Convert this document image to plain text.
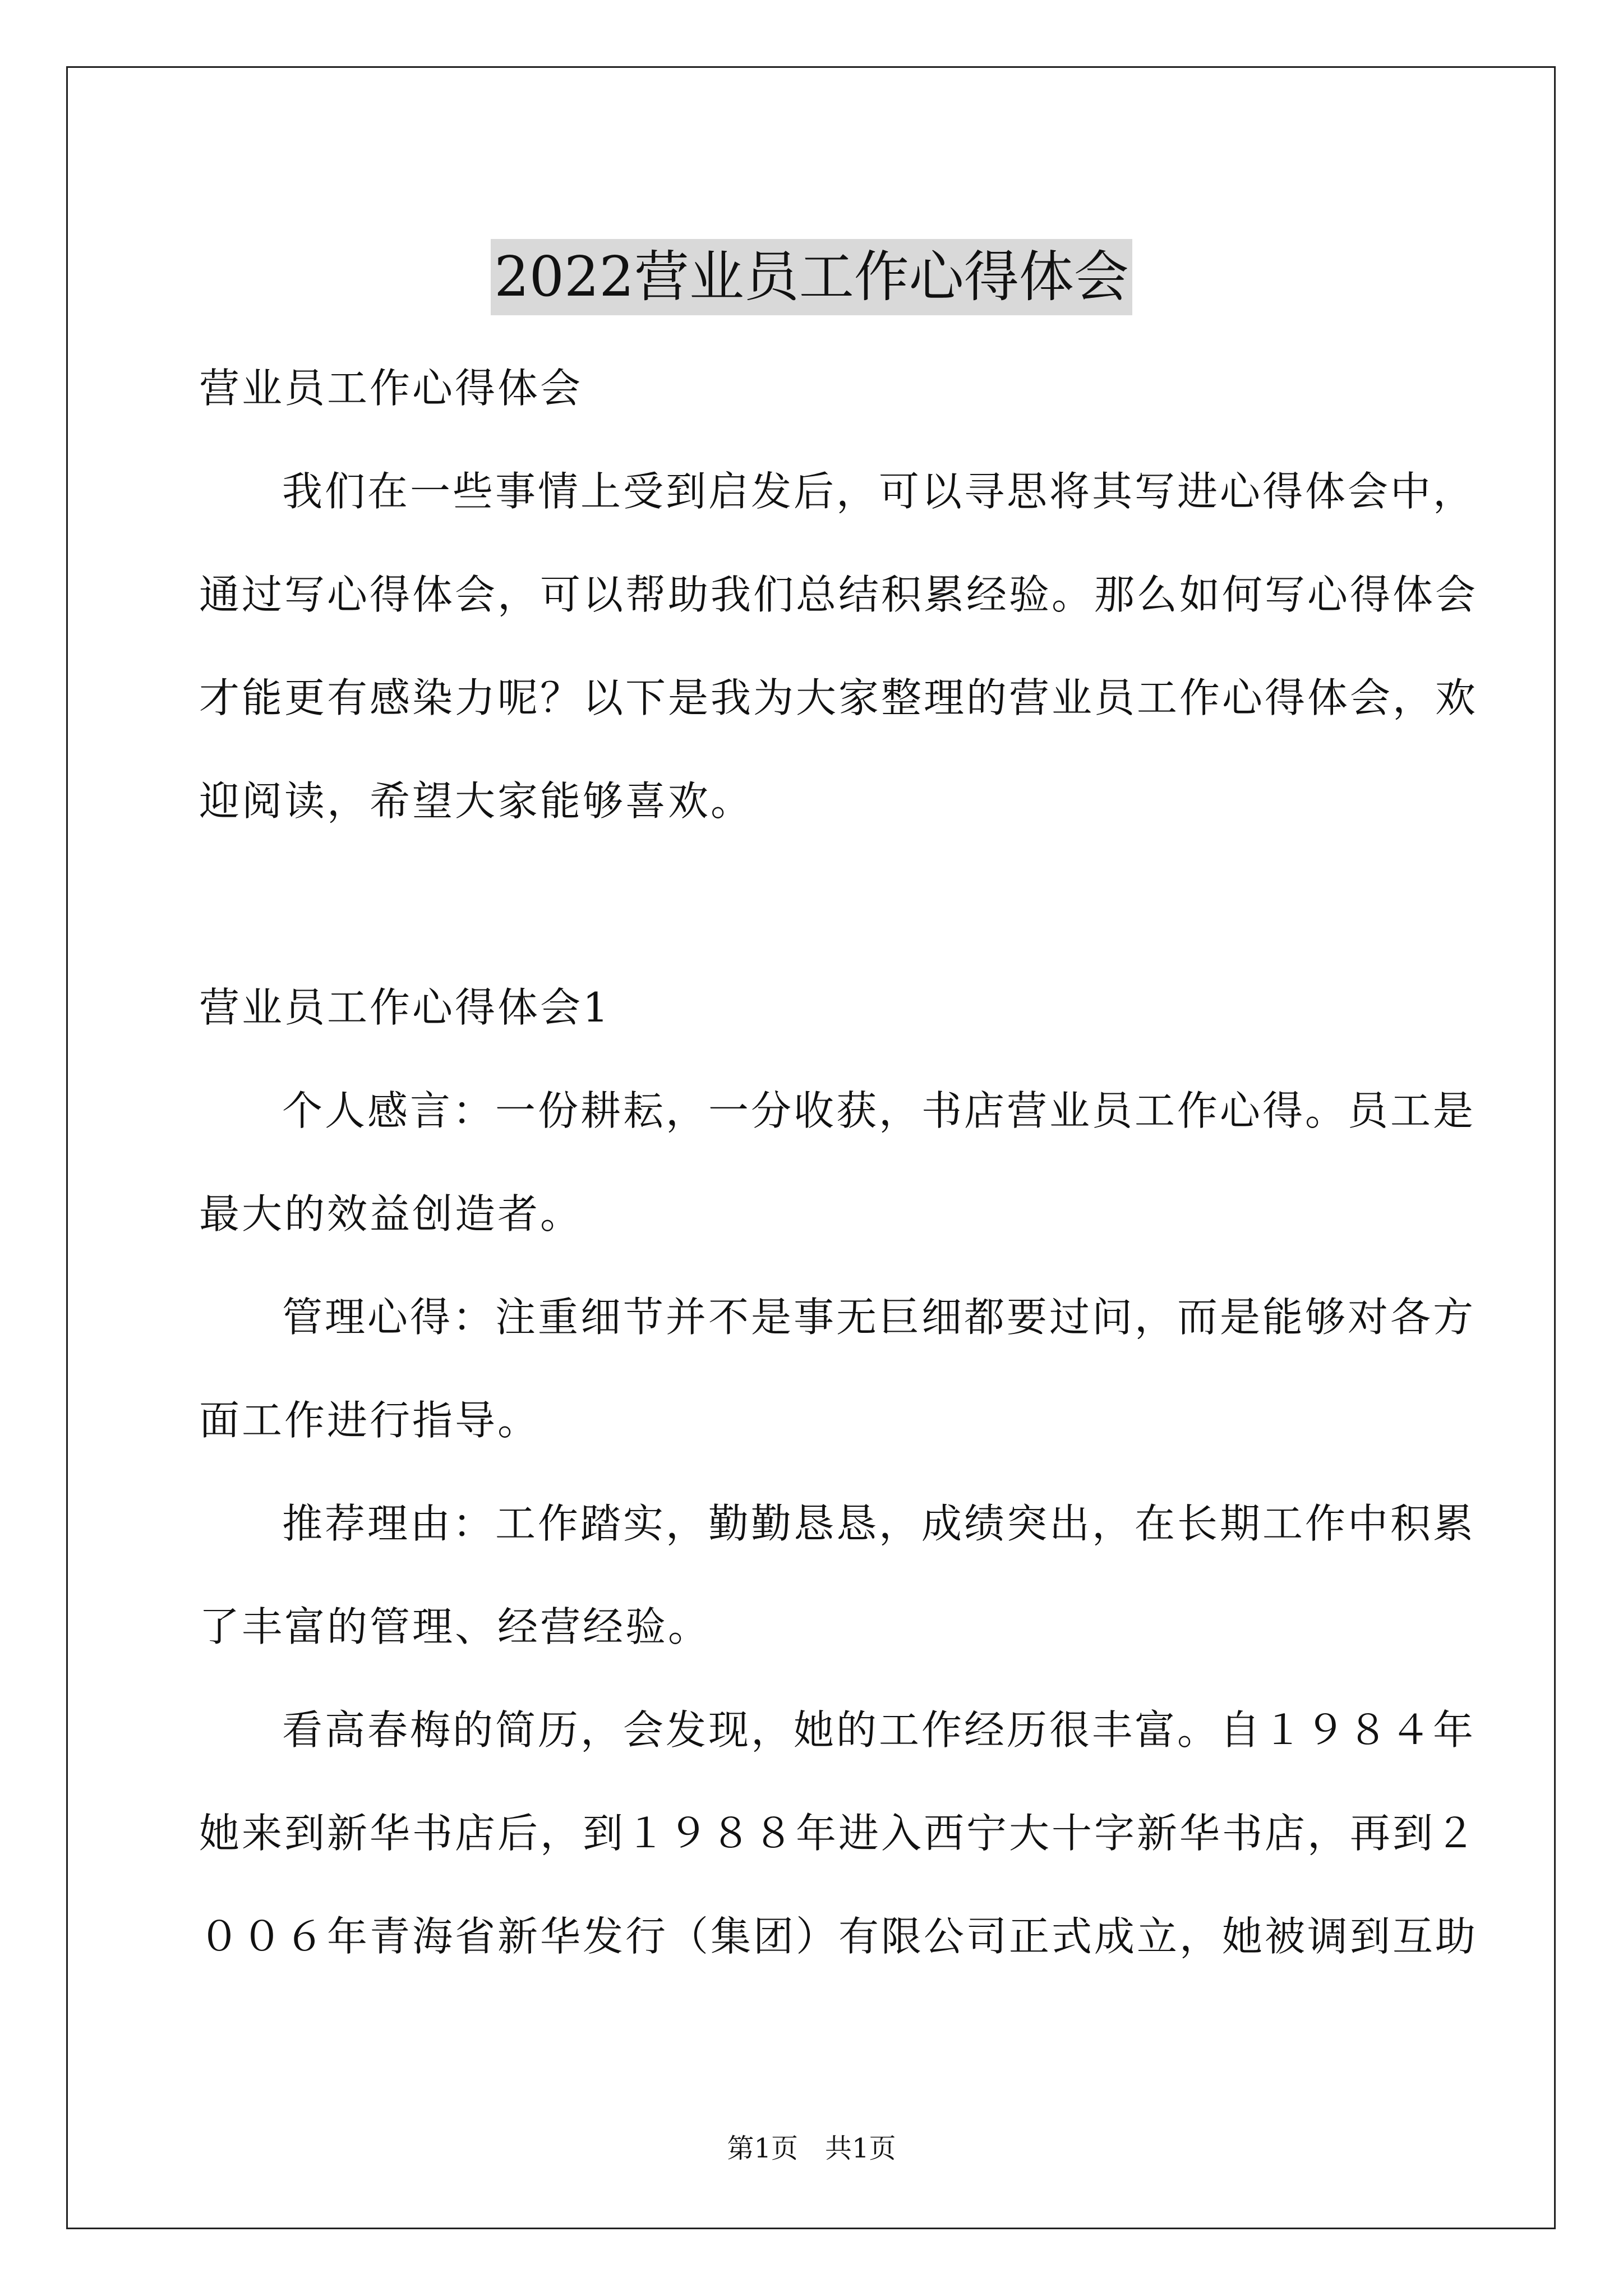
2022营业员工作心得体会

营业员工作心得体会

我们在一些事情上受到启发后，可以寻思将其写进心得体会中，

通过写心得体会，可以帮助我们总结积累经验。那么如何写心得体会

才能更有感染力呢？以下是我为大家整理的营业员工作心得体会，欢

迎阅读，希望大家能够喜欢。

营业员工作心得体会1

个人感言：一份耕耘，一分收获，书店营业员工作心得。员工是

最大的效益创造者。

管理心得：注重细节并不是事无巨细都要过问，而是能够对各方

面工作进行指导。

推荐理由：工作踏实，勤勤恳恳，成绩突出，在长期工作中积累

了丰富的管理、经营经验。

看高春梅的简历，会发现，她的工作经历很丰富。自１９８４年

她来到新华书店后，到１９８８年进入西宁大十字新华书店，再到２

００６年青海省新华发行（集团）有限公司正式成立，她被调到互助

第1页　共1页
